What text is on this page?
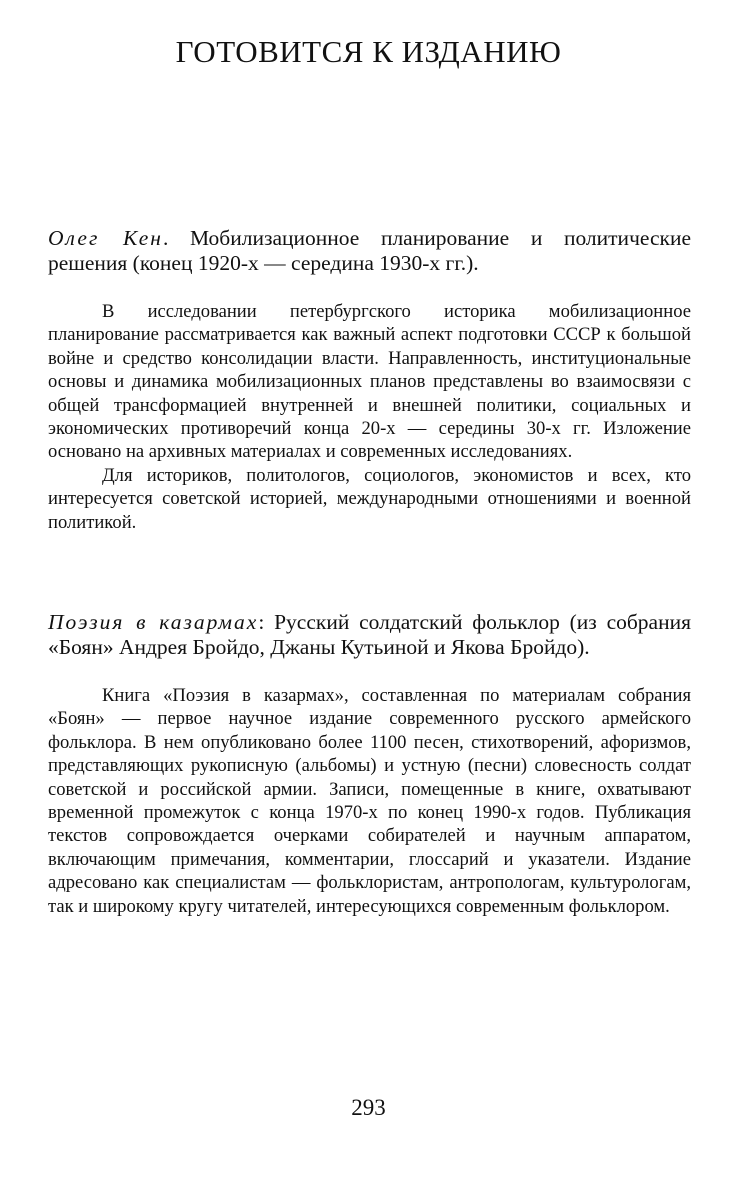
ГОТОВИТСЯ К ИЗДАНИЮ
Олег Кен. Мобилизационное планирование и политические решения (конец 1920-х — середина 1930-х гг.).

В исследовании петербургского историка мобилизационное планирование рассматривается как важный аспект подготовки СССР к большой войне и средство консолидации власти. Направленность, институциональные основы и динамика мобилизационных планов представлены во взаимосвязи с общей трансформацией внутренней и внешней политики, социальных и экономических противоречий конца 20-х — середины 30-х гг. Изложение основано на архивных материалах и современных исследованиях.

Для историков, политологов, социологов, экономистов и всех, кто интересуется советской историей, международными отношениями и военной политикой.

Поэзия в казармах: Русский солдатский фольклор (из собрания «Боян» Андрея Бройдо, Джаны Кутьиной и Якова Бройдо).

Книга «Поэзия в казармах», составленная по материалам собрания «Боян» — первое научное издание современного русского армейского фольклора. В нем опубликовано более 1100 песен, стихотворений, афоризмов, представляющих рукописную (альбомы) и устную (песни) словесность солдат советской и российской армии. Записи, помещенные в книге, охватывают временной промежуток с конца 1970-х по конец 1990-х годов. Публикация текстов сопровождается очерками собирателей и научным аппаратом, включающим примечания, комментарии, глоссарий и указатели. Издание адресовано как специалистам — фольклористам, антропологам, культурологам, так и широкому кругу читателей, интересующихся современным фольклором.

293
